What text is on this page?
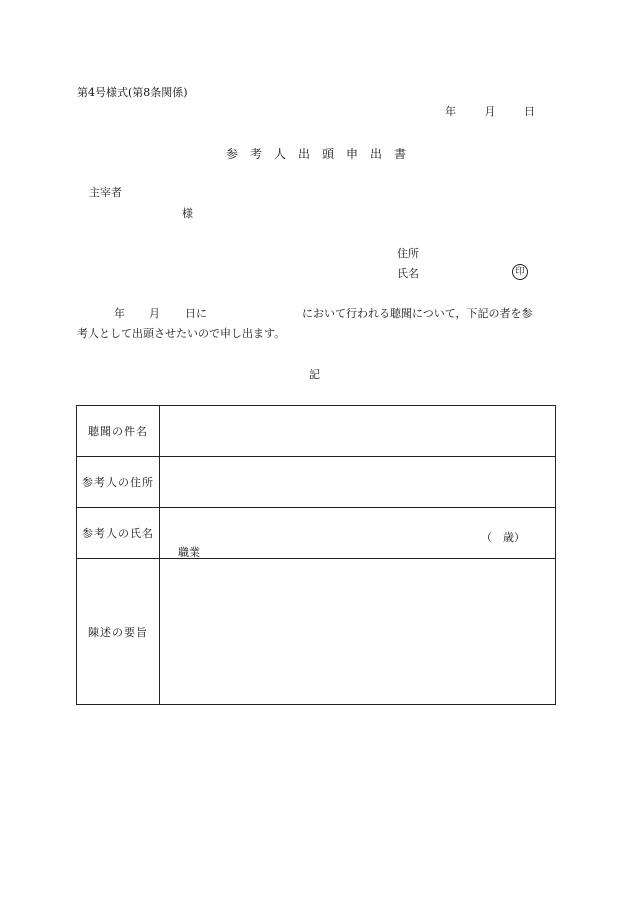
第4号様式(第8条関係)
年	月	日
参考人出頭申出書
主宰者
様
住所
氏名	印
年 月 日に	において行われる聴聞について，下記の者を参
考人として出頭させたいので申し出ます。
記
聴聞の件名	
参考人の住所	
参考人の氏名	（　歳）
職業

陳述の要旨	
